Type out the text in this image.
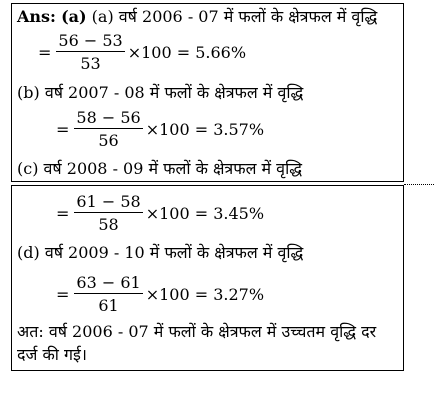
Ans: (a) (a) वर्ष 2006 - 07 में फलों के क्षेत्रफल में वृद्धि
= $\frac{56 - 53}{53} \times 100 = 5.66\%$
(b) वर्ष 2007 - 08 में फलों के क्षेत्रफल में वृद्धि
= $\frac{58 - 56}{56} \times 100 = 3.57\%$
(c) वर्ष 2008 - 09 में फलों के क्षेत्रफल में वृद्धि
= $\frac{61 - 58}{58} \times 100 = 3.45\%$
(d) वर्ष 2009 - 10 में फलों के क्षेत्रफल में वृद्धि
= $\frac{63 - 61}{61} \times 100 = 3.27\%$
अत: वर्ष 2006 - 07 में फलों के क्षेत्रफल में उच्चतम वृद्धि दर
दर्ज की गई।
